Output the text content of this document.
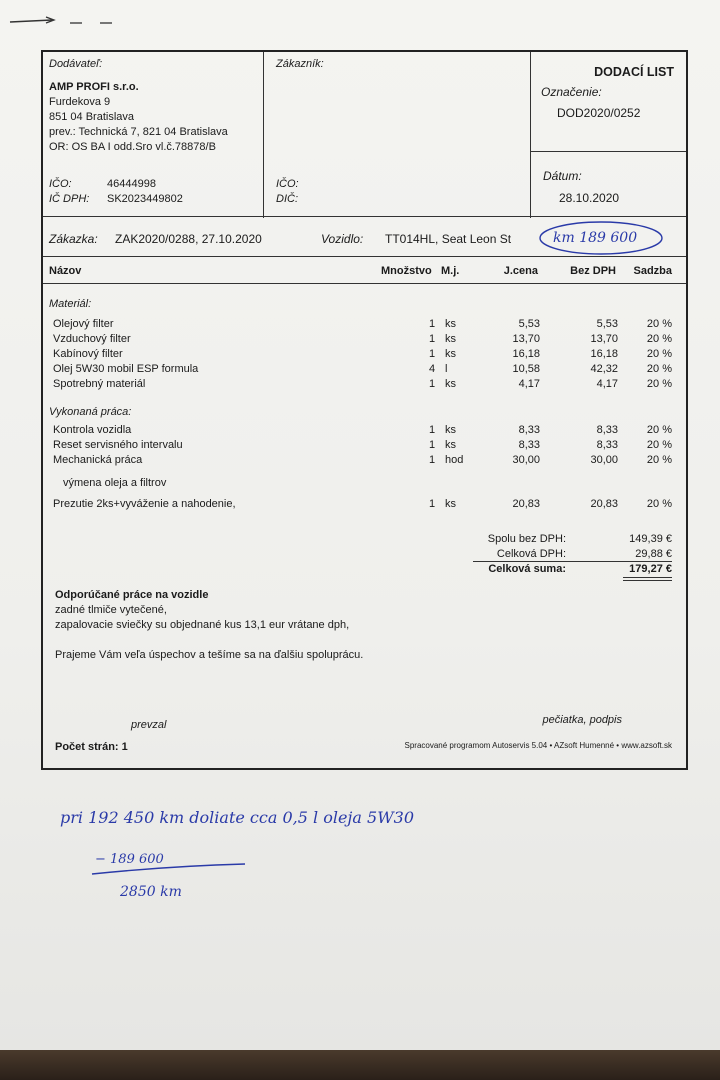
Dodávateľ:
AMP PROFI s.r.o.
Furdekova 9
851 04 Bratislava
prev.: Technická 7, 821 04 Bratislava
OR: OS BA I odd.Sro vl.č.78878/B
IČO:	46444998
IČ DPH: SK2023449802
Zákazník:
IČO:
DIČ:
DODACÍ LIST
Označenie:
DOD2020/0252
Dátum:
28.10.2020
Zákazka: ZAK2020/0288, 27.10.2020	Vozidlo: TT014HL, Seat Leon St	km 189 600
Názov	Množstvo M.j.	J.cena	Bez DPH Sadzba
Materiál:
Olejový filter	1 ks	5,53	5,53	20 %
Vzduchový filter	1 ks	13,70	13,70	20 %
Kabínový filter	1 ks	16,18	16,18	20 %
Olej 5W30 mobil ESP formula	4 l	10,58	42,32	20 %
Spotrebný materiál	1 ks	4,17	4,17	20 %
Vykonaná práca:
Kontrola vozidla	1 ks	8,33	8,33	20 %
Reset servisného intervalu	1 ks	8,33	8,33	20 %
Mechanická práca	1 hod	30,00	30,00	20 %
výmena oleja a filtrov
Prezutie 2ks+vyváženie a nahodenie,	1 ks	20,83	20,83	20 %
Spolu bez DPH:	149,39 €
Celková DPH:	29,88 €
Celková suma:	179,27 €
Odporúčané práce na vozidle
zadné tlmiče vytečené,
zapalovacie sviečky su objednané kus 13,1 eur vrátane dph,
Prajeme Vám veľa úspechov a tešíme sa na ďalšiu spoluprácu.
prevzal	pečiatka, podpis
Počet strán: 1	Spracované programom Autoservis 5.04 • AZsoft Humenné • www.azsoft.sk
pri 192 450 km doliate cca 0,5 l oleja 5W30
− 189 600
2850 km
